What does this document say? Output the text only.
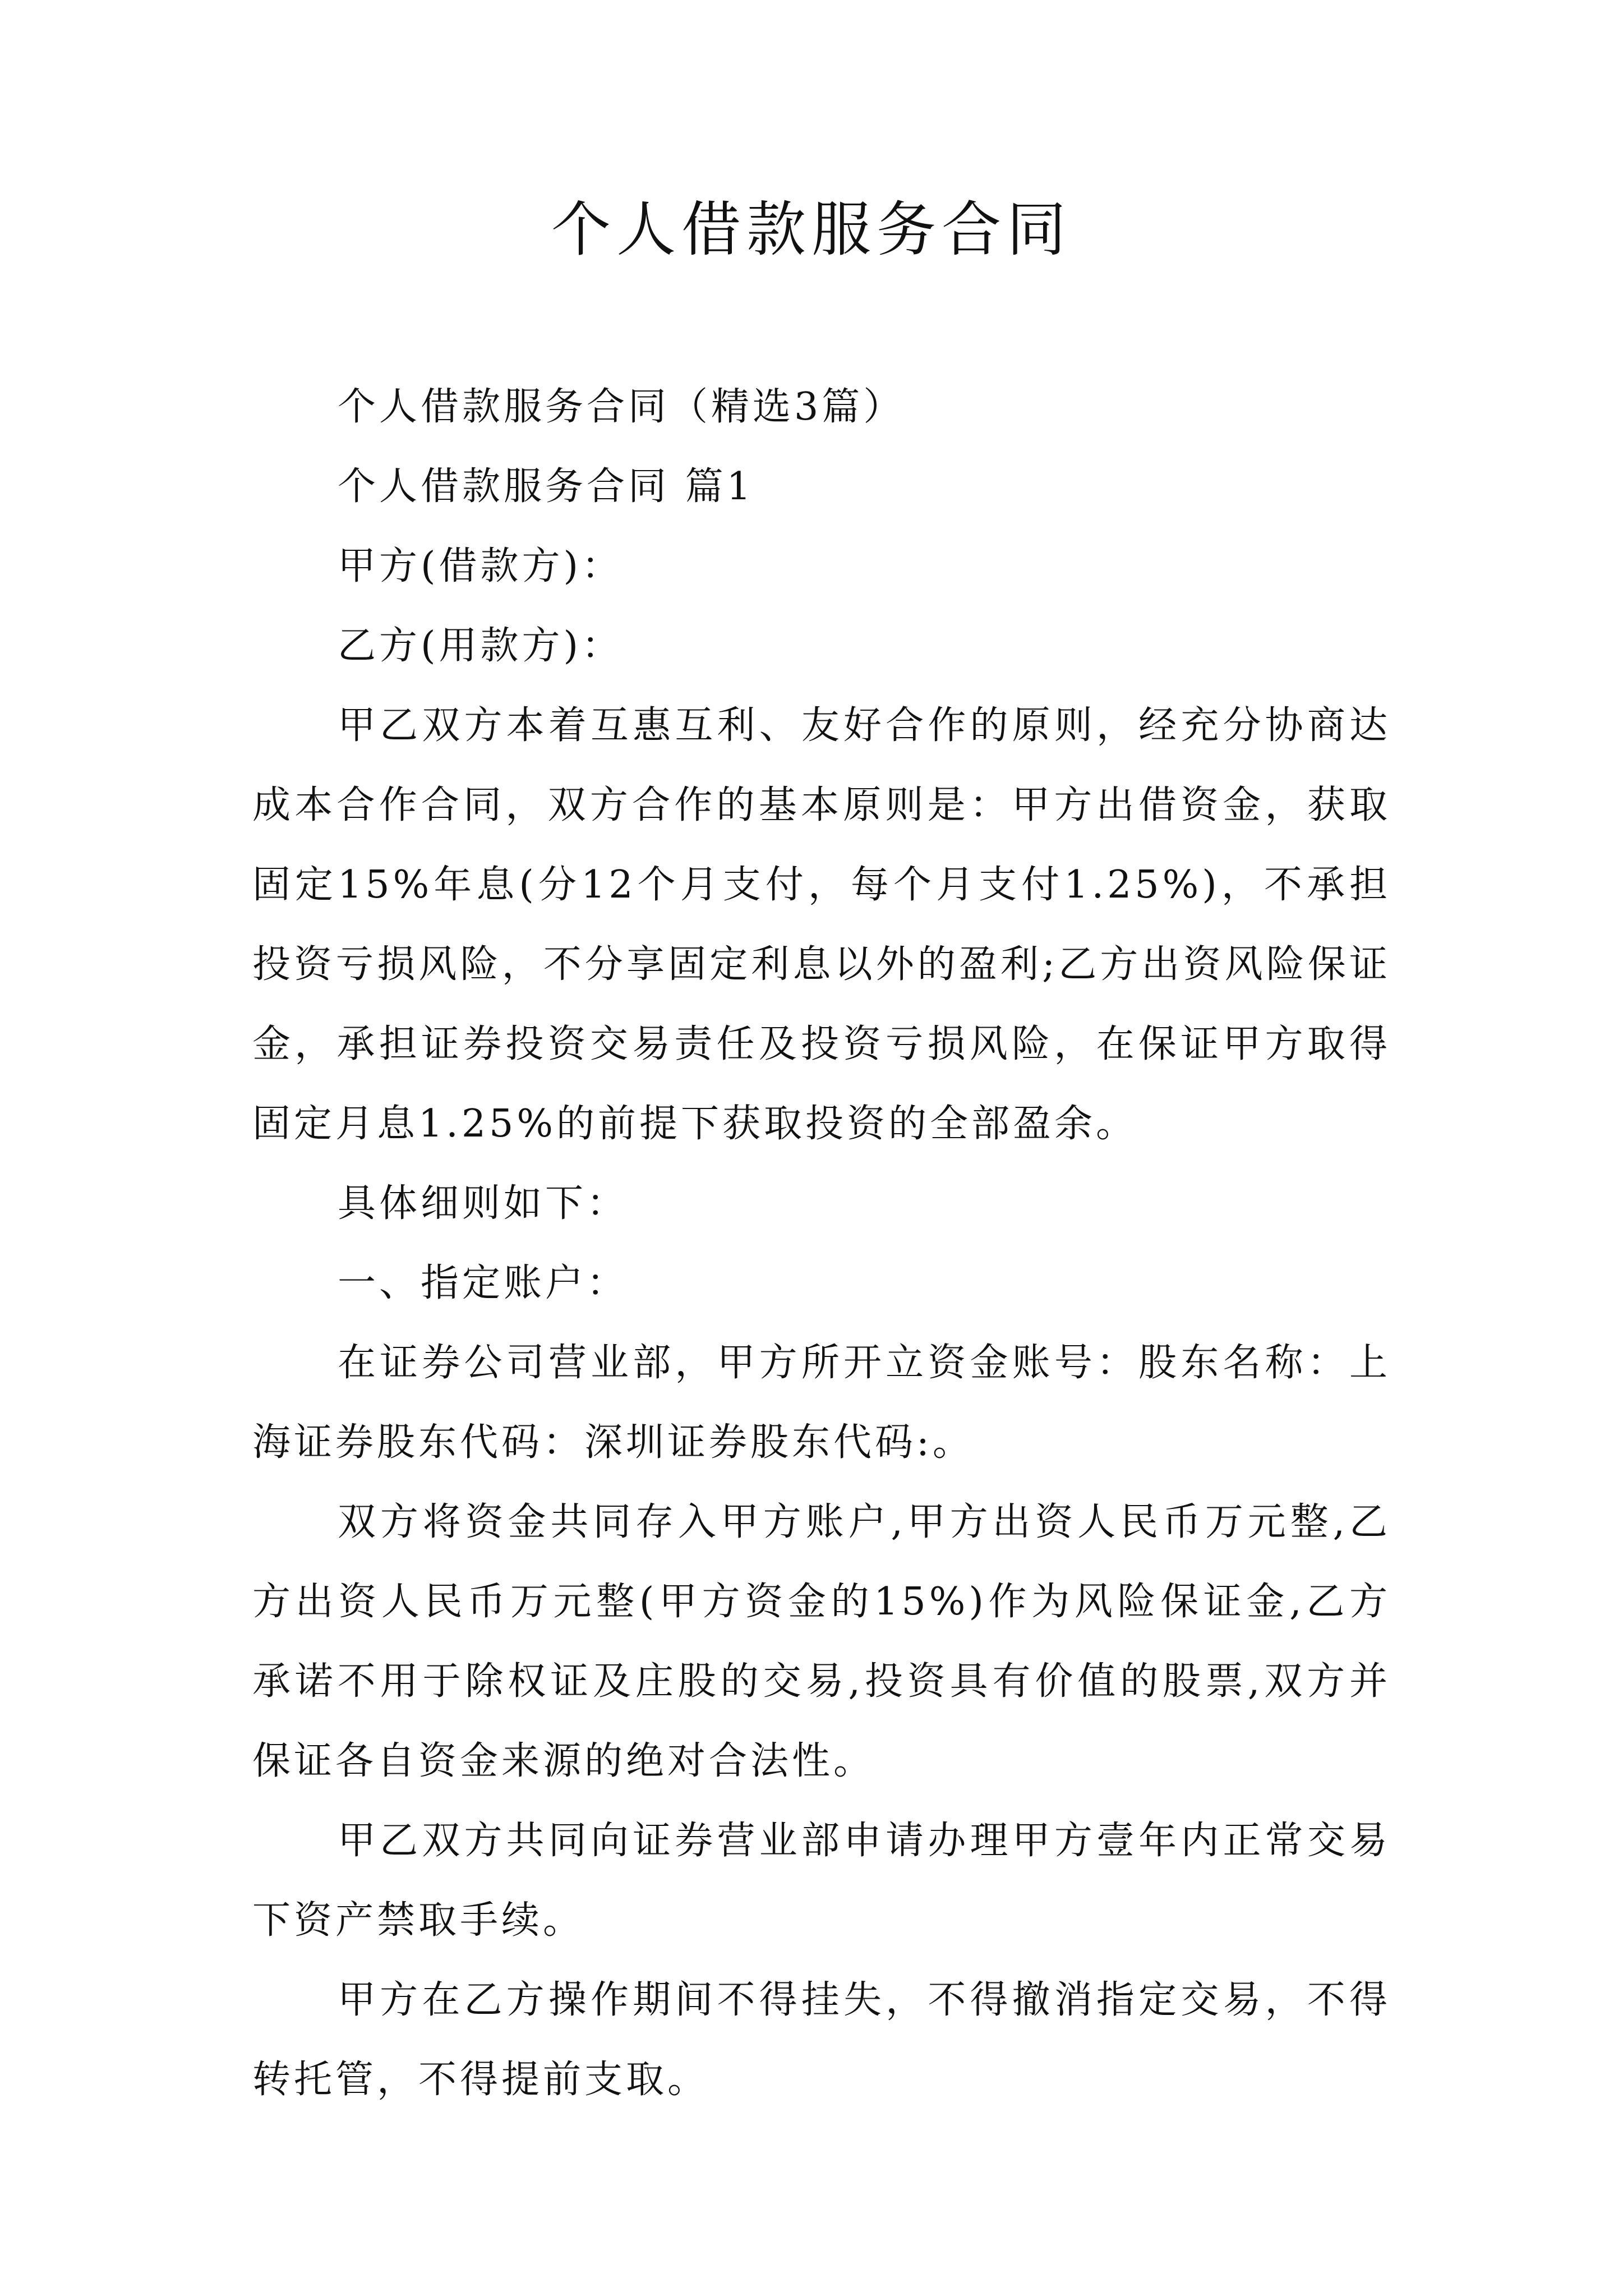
个人借款服务合同

个人借款服务合同（精选3篇）

个人借款服务合同 篇1

甲方(借款方)：

乙方(用款方)：

甲乙双方本着互惠互利、友好合作的原则，经充分协商达成本合作合同，双方合作的基本原则是：甲方出借资金，获取固定15%年息(分12个月支付，每个月支付1.25%)，不承担投资亏损风险，不分享固定利息以外的盈利;乙方出资风险保证金，承担证券投资交易责任及投资亏损风险，在保证甲方取得固定月息1.25%的前提下获取投资的全部盈余。

具体细则如下：

一、指定账户：

在证券公司营业部，甲方所开立资金账号：股东名称：上海证券股东代码：深圳证券股东代码:。

双方将资金共同存入甲方账户,甲方出资人民币万元整,乙方出资人民币万元整(甲方资金的15%)作为风险保证金,乙方承诺不用于除权证及庄股的交易,投资具有价值的股票,双方并保证各自资金来源的绝对合法性。

甲乙双方共同向证券营业部申请办理甲方壹年内正常交易下资产禁取手续。

甲方在乙方操作期间不得挂失，不得撤消指定交易，不得转托管，不得提前支取。
